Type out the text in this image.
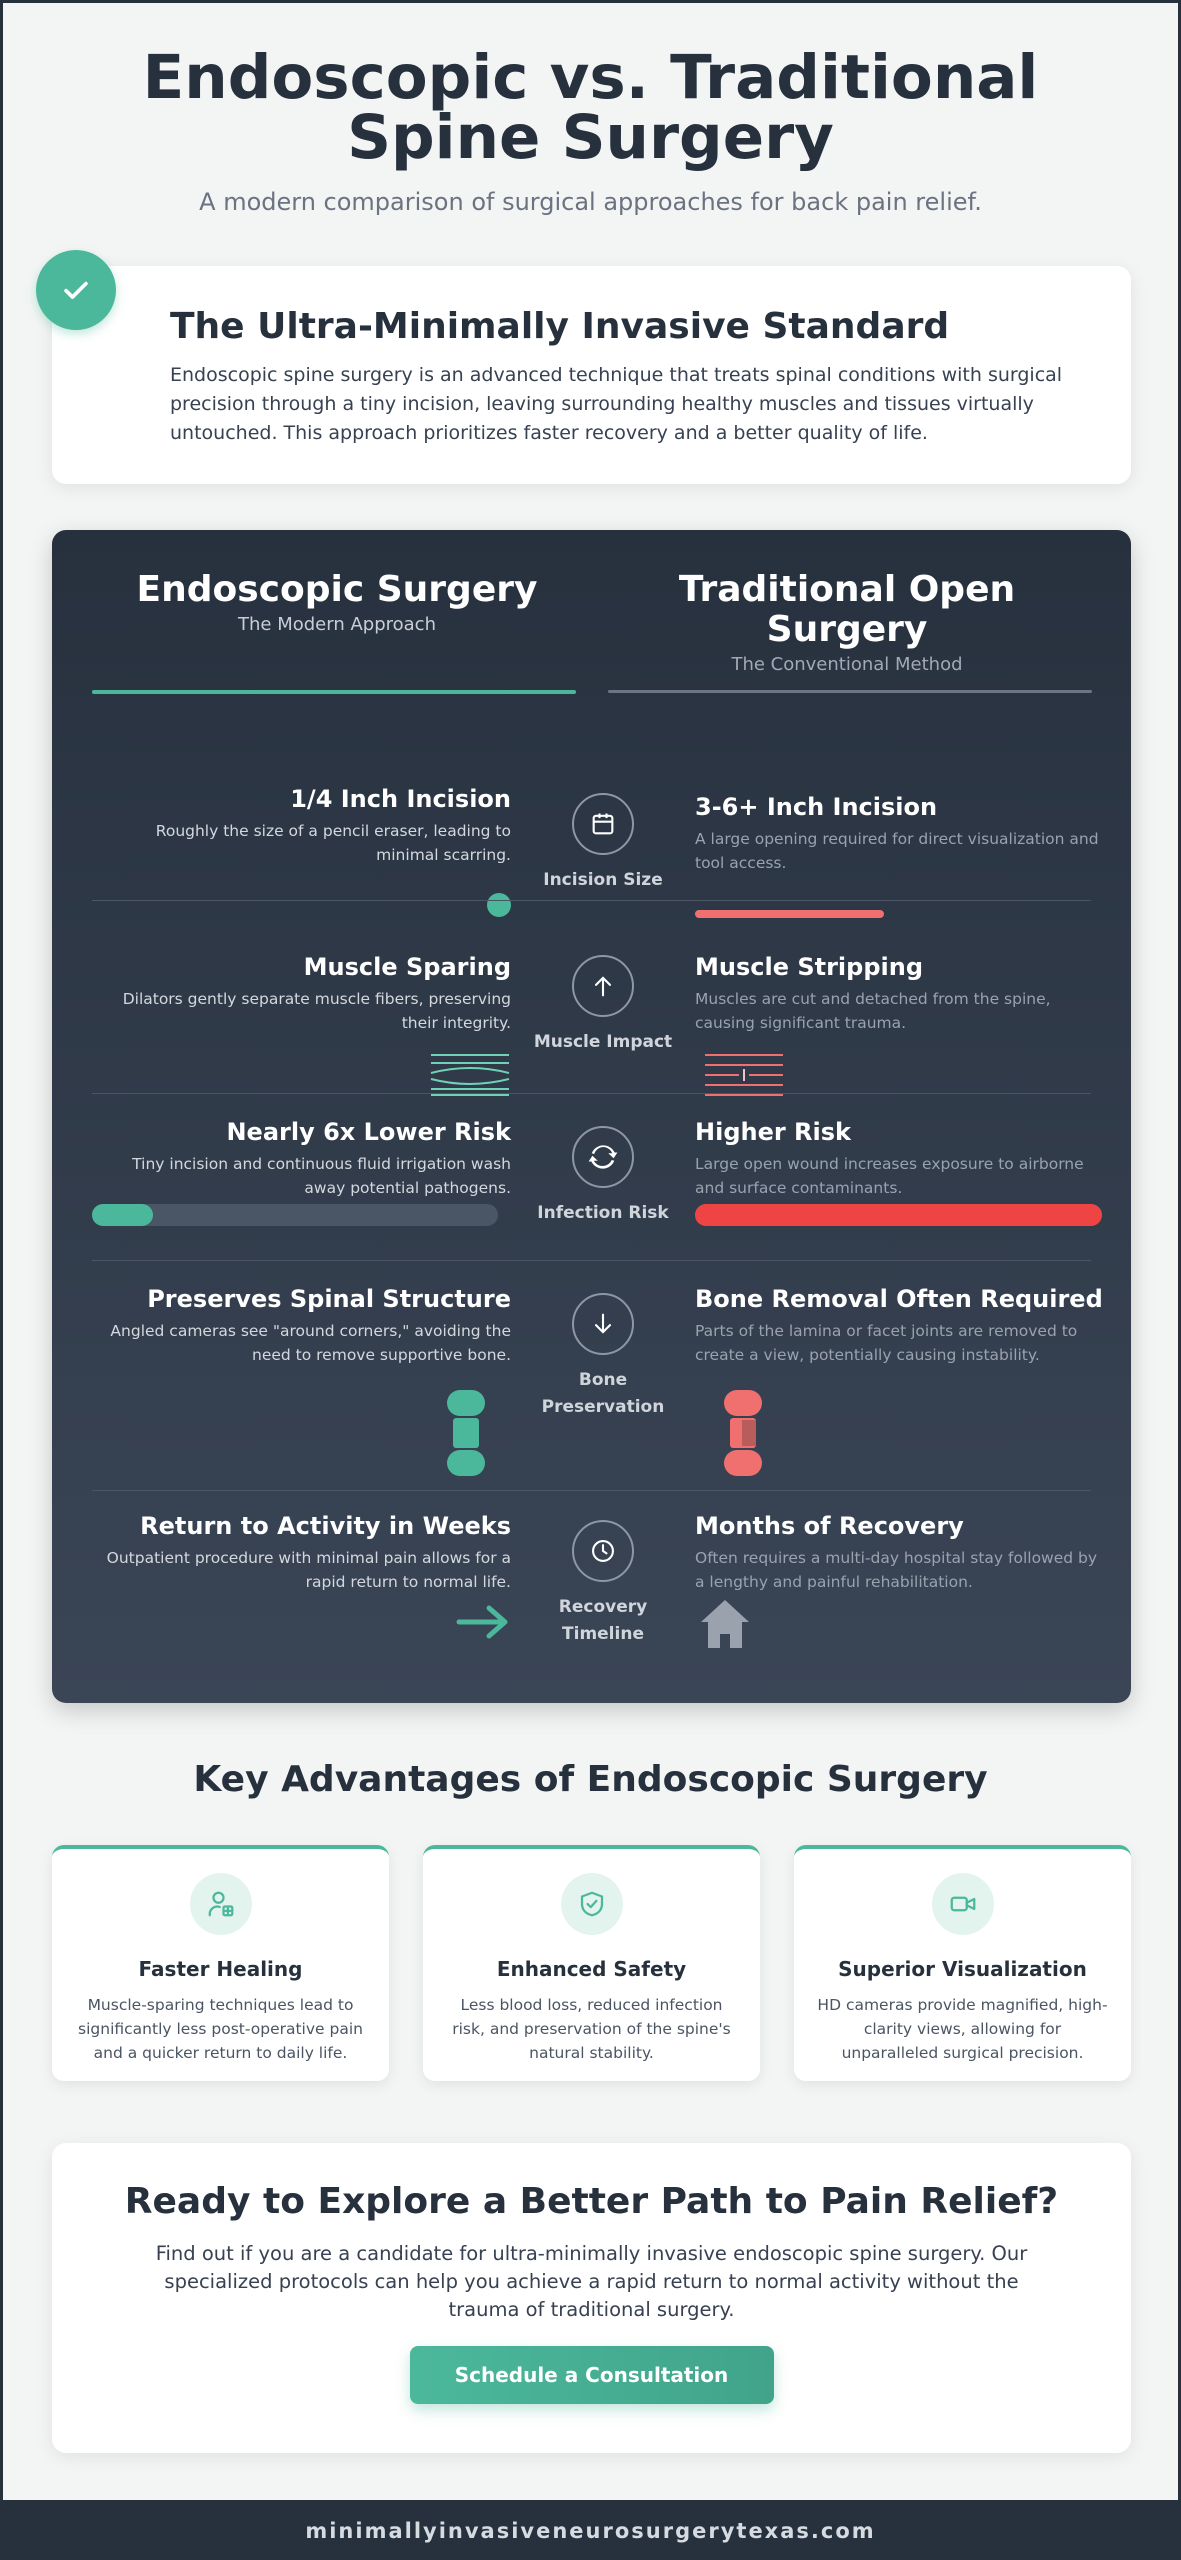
Endoscopic vs. Traditional Spine Surgery
A modern comparison of surgical approaches for back pain relief.
The Ultra-Minimally Invasive Standard
Endoscopic spine surgery is an advanced technique that treats spinal conditions with surgical precision through a tiny incision, leaving surrounding healthy muscles and tissues virtually untouched. This approach prioritizes faster recovery and a better quality of life.
Endoscopic Surgery
The Modern Approach
Traditional Open Surgery
The Conventional Method
1/4 Inch Incision
Roughly the size of a pencil eraser, leading to minimal scarring.
Incision Size
3-6+ Inch Incision
A large opening required for direct visualization and tool access.
Muscle Sparing
Dilators gently separate muscle fibers, preserving their integrity.
Muscle Impact
Muscle Stripping
Muscles are cut and detached from the spine, causing significant trauma.
Nearly 6x Lower Risk
Tiny incision and continuous fluid irrigation wash away potential pathogens.
Infection Risk
Higher Risk
Large open wound increases exposure to airborne and surface contaminants.
Preserves Spinal Structure
Angled cameras see "around corners," avoiding the need to remove supportive bone.
Bone Preservation
Bone Removal Often Required
Parts of the lamina or facet joints are removed to create a view, potentially causing instability.
Return to Activity in Weeks
Outpatient procedure with minimal pain allows for a rapid return to normal life.
Recovery Timeline
Months of Recovery
Often requires a multi-day hospital stay followed by a lengthy and painful rehabilitation.
Key Advantages of Endoscopic Surgery
Faster Healing
Muscle-sparing techniques lead to significantly less post-operative pain and a quicker return to daily life.
Enhanced Safety
Less blood loss, reduced infection risk, and preservation of the spine's natural stability.
Superior Visualization
HD cameras provide magnified, high-clarity views, allowing for unparalleled surgical precision.
Ready to Explore a Better Path to Pain Relief?
Find out if you are a candidate for ultra-minimally invasive endoscopic spine surgery. Our specialized protocols can help you achieve a rapid return to normal activity without the trauma of traditional surgery.
Schedule a Consultation
minimallyinvasiveneurosurgerytexas.com
